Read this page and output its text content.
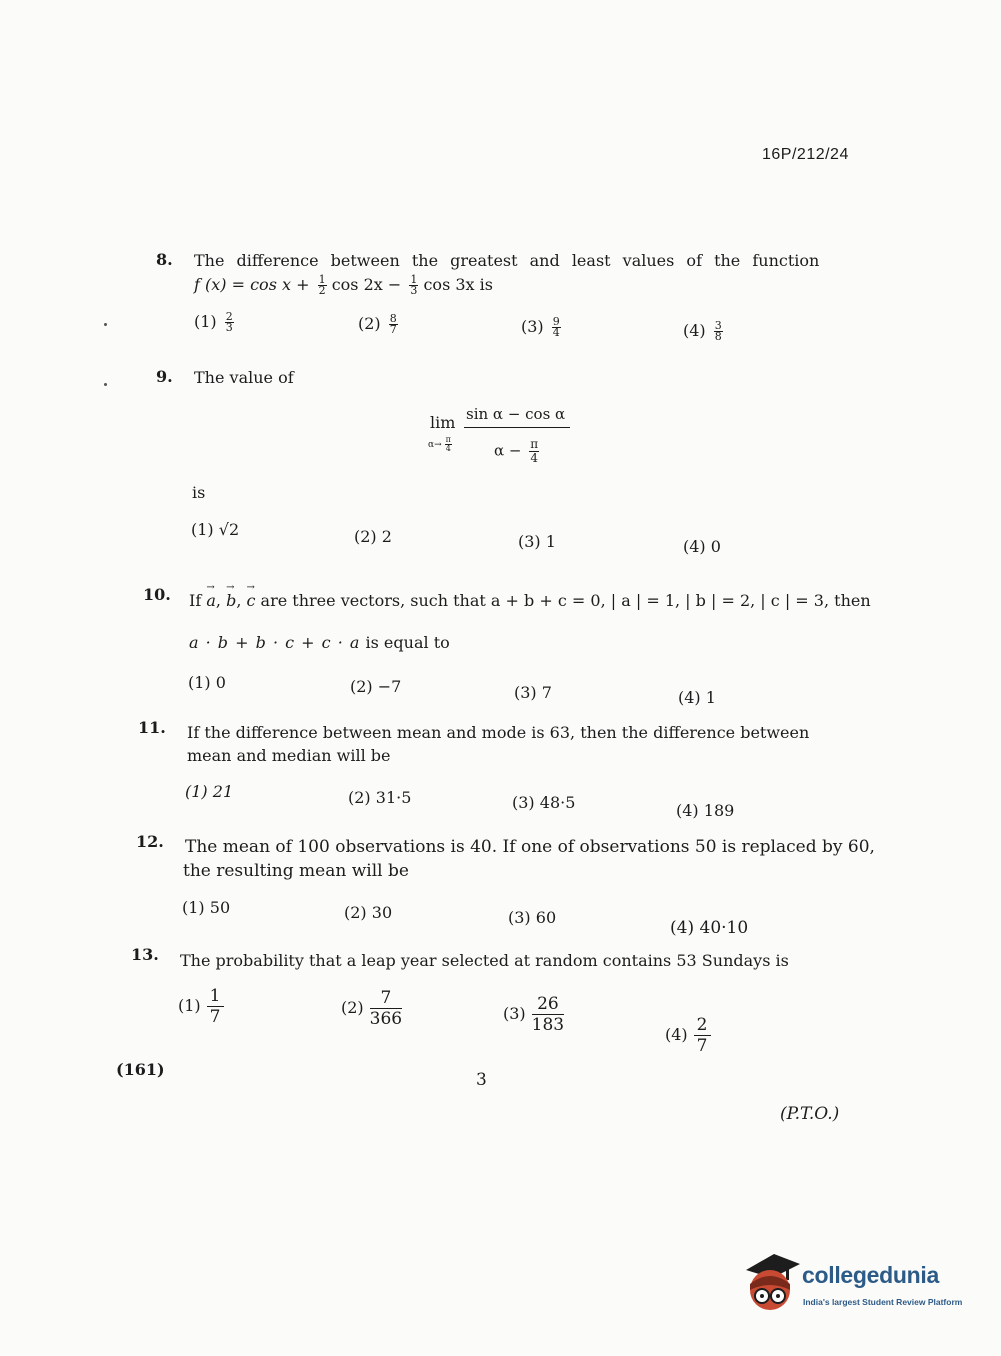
16P/212/24
8. The difference between the greatest and least values of the function
f $(x) = \cos x + \frac{1}{2}$ $\cos 2x - \frac{1}{3}$ cos 3x is
$(1) \frac{2}{3}$	$(2) \frac{8}{7}$	$(3) \frac{9}{4}$	$(4) \frac{3}{8}$
9. The value of
lim
$\alpha\to \frac{\pi}{4}$
sin α − cos α
$\alpha - \frac{\pi}{4}$
is
(1) √2	(2) 2	(3) 1	(4) 0
10. If → a, → b, → c are three vectors, such that a + b + c = 0, | a | = 1, | b | = 2, | c | = 3, then
a · b + b · c + c · a is equal to
(1) 0	(2) −7	(3) 7	(4) 1
11. If the difference between mean and mode is 63, then the difference between
mean and median will be
(1) 21	(2) 31·5	(3) 48·5	(4) 189
12. The mean of 100 observations is 40. If one of observations 50 is replaced by 60,
the resulting mean will be
(1) 50	(2) 30	(3) 60
(4) 40·10
13. The probability that a leap year selected at random contains 53 Sundays is
$(1) \frac{1}{7}$	$(2) \frac{7}{366}$	$(3) \frac{26}{183}$	$(4) \frac{2}{7}$
(161)
3
(P.T.O.)
collegedunia
India's largest Student Review Platform
